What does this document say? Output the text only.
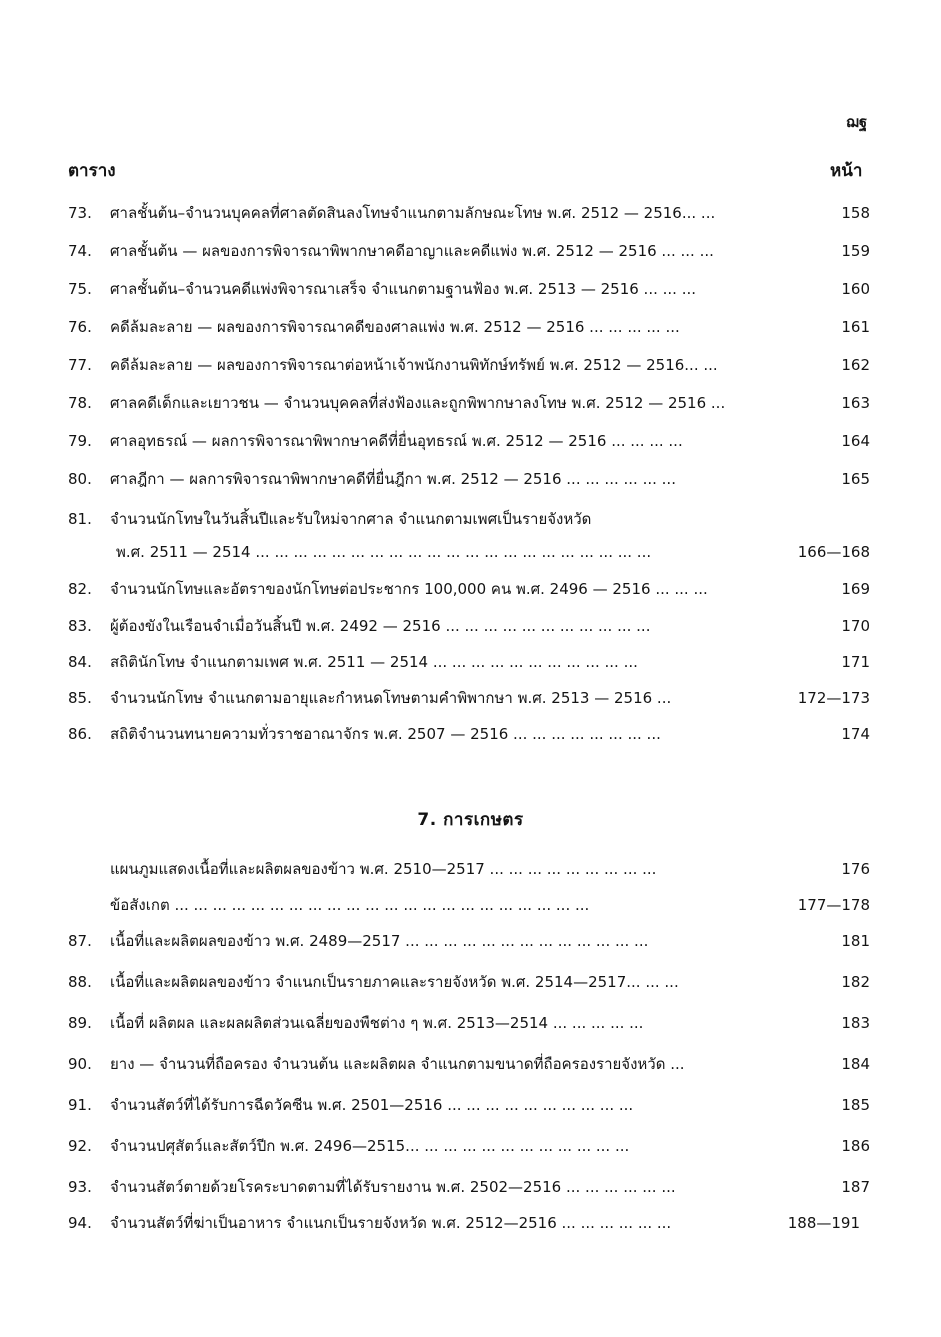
ฌฐ
ตาราง	หน้า
73.	ศาลชั้นต้น–จำนวนบุคคลที่ศาลตัดสินลงโทษจำแนกตามลักษณะโทษ พ.ศ. 2512 — 2516... ...	158
74.	ศาลชั้นต้น — ผลของการพิจารณาพิพากษาคดีอาญาและคดีแพ่ง พ.ศ. 2512 — 2516 ... ... ...	159
75.	ศาลชั้นต้น–จำนวนคดีแพ่งพิจารณาเสร็จ จำแนกตามฐานฟ้อง พ.ศ. 2513 — 2516 ... ... ...	160
76.	คดีล้มละลาย — ผลของการพิจารณาคดีของศาลแพ่ง พ.ศ. 2512 — 2516 ... ... ... ... ...	161
77.	คดีล้มละลาย — ผลของการพิจารณาต่อหน้าเจ้าพนักงานพิทักษ์ทรัพย์ พ.ศ. 2512 — 2516... ...	162
78.	ศาลคดีเด็กและเยาวชน — จำนวนบุคคลที่ส่งฟ้องและถูกพิพากษาลงโทษ พ.ศ. 2512 — 2516 ...	163
79.	ศาลอุทธรณ์ — ผลการพิจารณาพิพากษาคดีที่ยื่นอุทธรณ์ พ.ศ. 2512 — 2516 ... ... ... ...	164
80.	ศาลฎีกา — ผลการพิจารณาพิพากษาคดีที่ยื่นฎีกา พ.ศ. 2512 — 2516 ... ... ... ... ... ...	165
81.	จำนวนนักโทษในวันสิ้นปีและรับใหม่จากศาล จำแนกตามเพศเป็นรายจังหวัด
พ.ศ. 2511 — 2514 ... ... ... ... ... ... ... ... ... ... ... ... ... ... ... ... ... ... ... ... ...	166—168
82.	จำนวนนักโทษและอัตราของนักโทษต่อประชากร 100,000 คน พ.ศ. 2496 — 2516 ... ... ...	169
83.	ผู้ต้องขังในเรือนจำเมื่อวันสิ้นปี พ.ศ. 2492 — 2516 ... ... ... ... ... ... ... ... ... ... ...	170
84.	สถิตินักโทษ จำแนกตามเพศ พ.ศ. 2511 — 2514 ... ... ... ... ... ... ... ... ... ... ...	171
85.	จำนวนนักโทษ จำแนกตามอายุและกำหนดโทษตามคำพิพากษา พ.ศ. 2513 — 2516 ...	172—173
86.	สถิติจำนวนทนายความทั่วราชอาณาจักร พ.ศ. 2507 — 2516 ... ... ... ... ... ... ... ...	174
7. การเกษตร
แผนภูมแสดงเนื้อที่และผลิตผลของข้าว พ.ศ. 2510—2517 ... ... ... ... ... ... ... ... ...	176
ข้อสังเกต ... ... ... ... ... ... ... ... ... ... ... ... ... ... ... ... ... ... ... ... ... ...	177—178
87.	เนื้อที่และผลิตผลของข้าว พ.ศ. 2489—2517 ... ... ... ... ... ... ... ... ... ... ... ... ...	181
88.	เนื้อที่และผลิตผลของข้าว จำแนกเป็นรายภาคและรายจังหวัด พ.ศ. 2514—2517... ... ...	182
89.	เนื้อที่ ผลิตผล และผลผลิตส่วนเฉลี่ยของพืชต่าง ๆ พ.ศ. 2513—2514 ... ... ... ... ...	183
90.	ยาง — จำนวนที่ถือครอง จำนวนต้น และผลิตผล จำแนกตามขนาดที่ถือครองรายจังหวัด ...	184
91.	จำนวนสัตว์ที่ได้รับการฉีดวัคซีน พ.ศ. 2501—2516 ... ... ... ... ... ... ... ... ... ...	185
92.	จำนวนปศุสัตว์และสัตว์ปีก พ.ศ. 2496—2515... ... ... ... ... ... ... ... ... ... ... ...	186
93.	จำนวนสัตว์ตายด้วยโรคระบาดตามที่ได้รับรายงาน พ.ศ. 2502—2516 ... ... ... ... ... ...	187
94.	จำนวนสัตว์ที่ฆ่าเป็นอาหาร จำแนกเป็นรายจังหวัด พ.ศ. 2512—2516 ... ... ... ... ... ...	188—191
